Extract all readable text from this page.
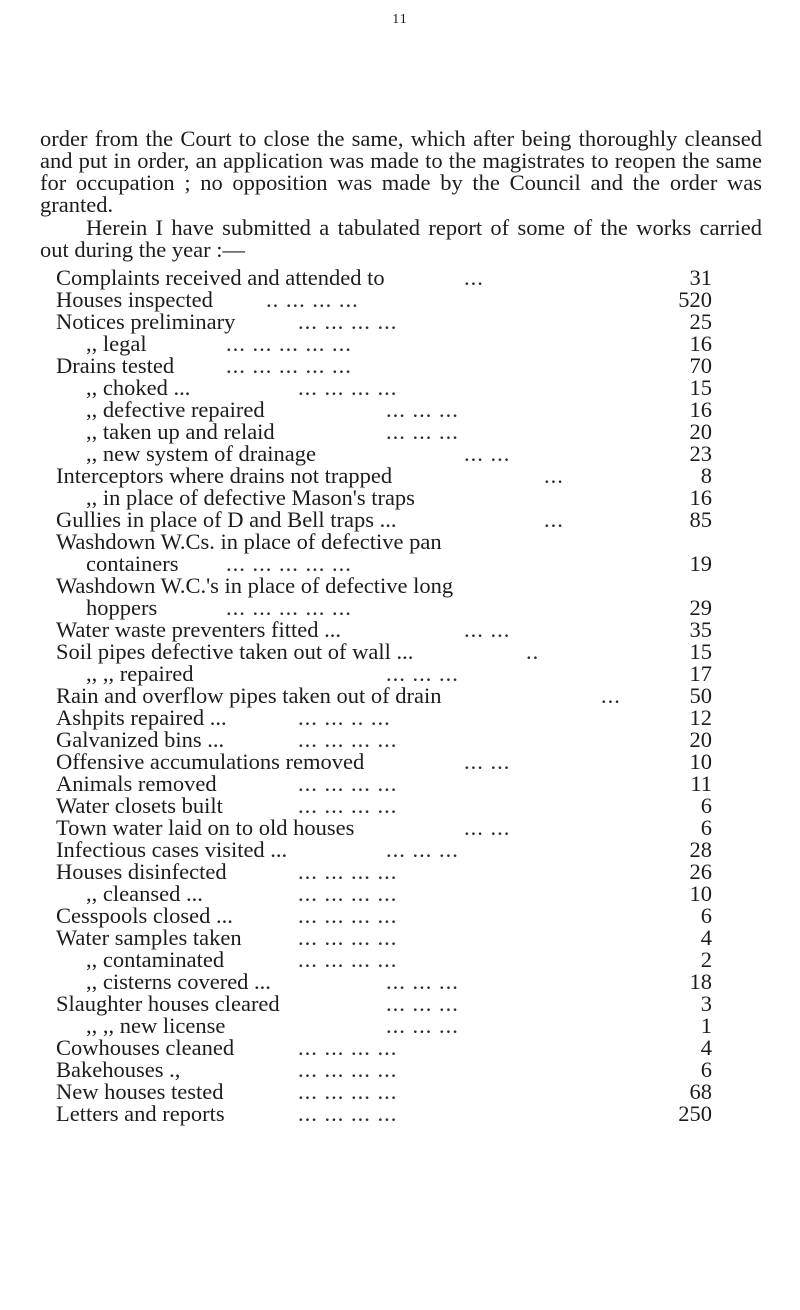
11

order from the Court to close the same, which after being thoroughly cleansed and put in order, an application was made to the magistrates to reopen the same for occupation ; no opposition was made by the Council and the order was granted.

Herein I have submitted a tabulated report of some of the works carried out during the year :—

Complaints received and attended to	...	31
Houses inspected .. ... ... ...	520
Notices preliminary	... ... ... ...	25
,, legal	... ... ... ... ...	16
Drains tested ... ... ... ... ...	70
,, choked ...	... ... ... ...	15
,, defective repaired	... ... ...	16
,, taken up and relaid	... ... ...	20
,, new system of drainage	... ...	23
Interceptors where drains not trapped	...	8
,, in place of defective Mason's traps	16
Gullies in place of D and Bell traps ...	...	85
Washdown W.Cs. in place of defective pan
containers ... ... ... ... ...	19
Washdown W.C.'s in place of defective long
hoppers	... ... ... ... ...	29
Water waste preventers fitted ...	... ...	35
Soil pipes defective taken out of wall ...	..	15
,, ,, repaired	... ... ...	17
Rain and overflow pipes taken out of drain	...	50
Ashpits repaired ...	... ... .. ...	12
Galvanized bins ...	... ... ... ...	20
Offensive accumulations removed	... ...	10
Animals removed	... ... ... ...	11
Water closets built	... ... ... ...	6
Town water laid on to old houses	... ...	6
Infectious cases visited ...	... ... ...	28
Houses disinfected	... ... ... ...	26
,, cleansed ...	... ... ... ...	10
Cesspools closed ...	... ... ... ...	6
Water samples taken	... ... ... ...	4
,, contaminated	... ... ... ...	2
,, cisterns covered ...	... ... ...	18
Slaughter houses cleared	... ... ...	3
,, ,, new license	... ... ...	1
Cowhouses cleaned	... ... ... ...	4
Bakehouses .,	... ... ... ...	6
New houses tested	... ... ... ...	68
Letters and reports	... ... ... ...	250
